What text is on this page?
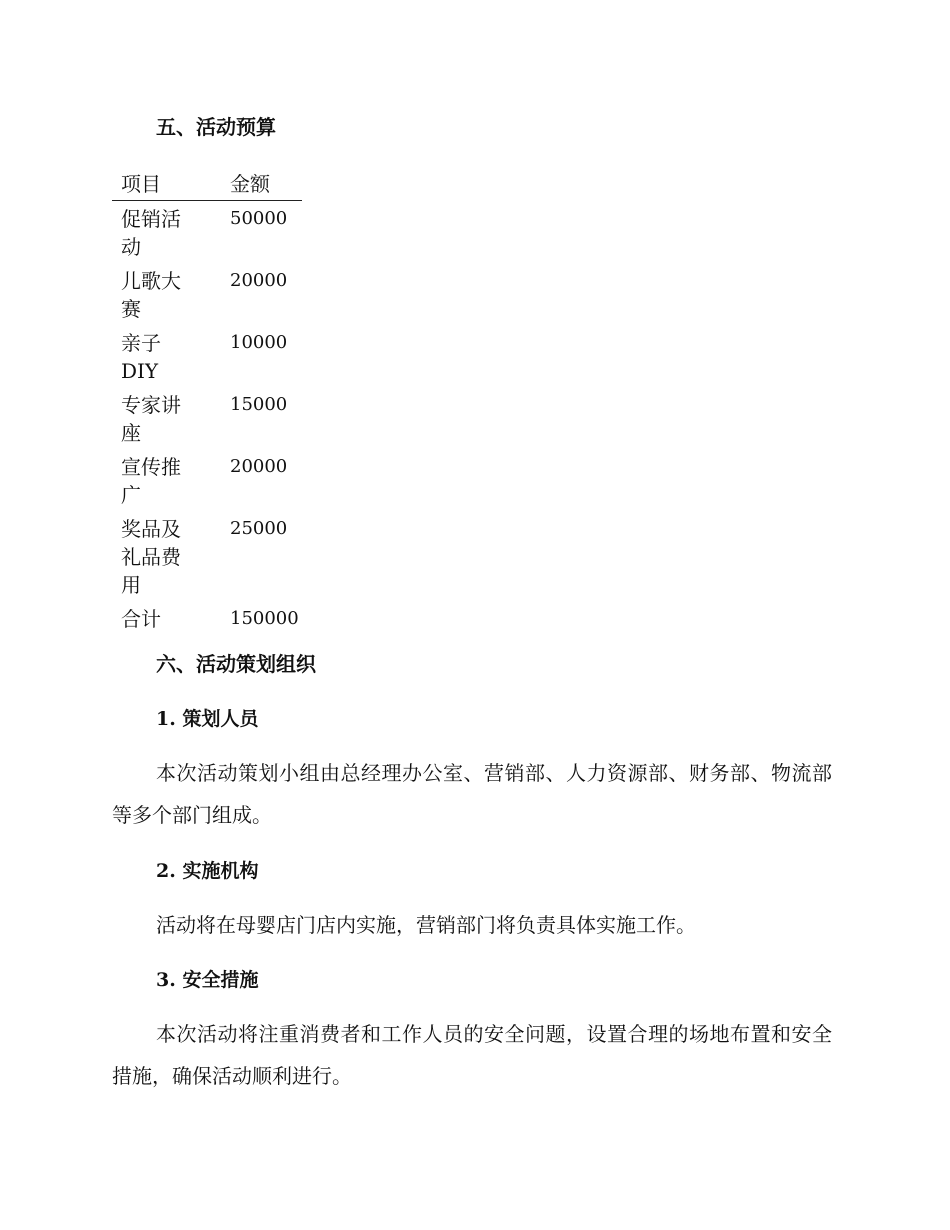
五、活动预算
项目	金额
促销活动	50000
儿歌大赛	20000
亲子DIY	10000
专家讲座	15000
宣传推广	20000
奖品及礼品费用	25000
合计	150000
六、活动策划组织
1. 策划人员
本次活动策划小组由总经理办公室、营销部、人力资源部、财务部、物流部等多个部门组成。
2. 实施机构
活动将在母婴店门店内实施，营销部门将负责具体实施工作。
3. 安全措施
本次活动将注重消费者和工作人员的安全问题，设置合理的场地布置和安全措施，确保活动顺利进行。
